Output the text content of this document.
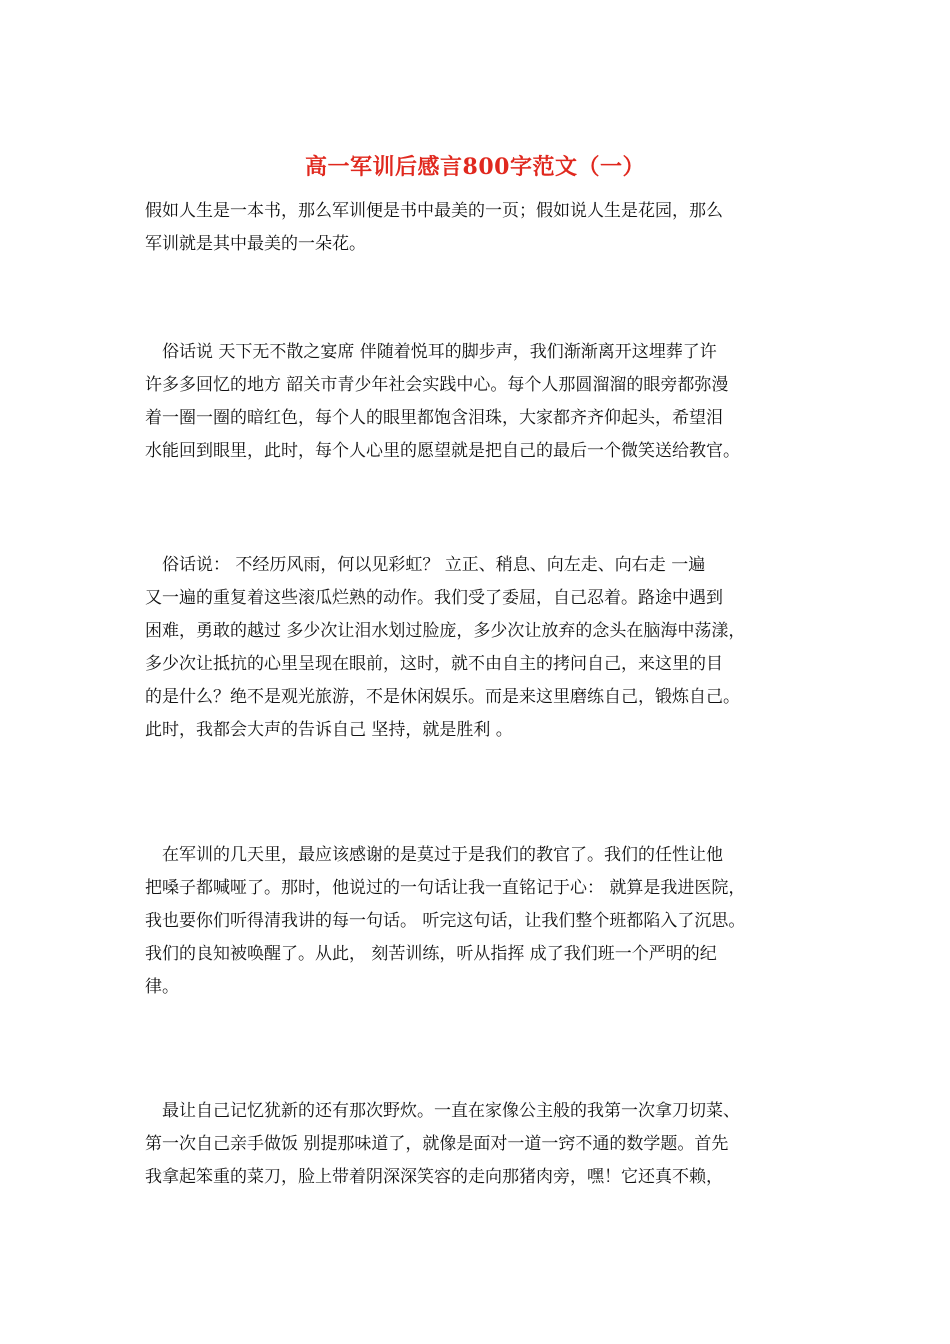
高一军训后感言800字范文（一）
假如人生是一本书，那么军训便是书中最美的一页；假如说人生是花园，那么
军训就是其中最美的一朵花。
　俗话说 天下无不散之宴席 伴随着悦耳的脚步声，我们渐渐离开这埋葬了许
许多多回忆的地方 韶关市青少年社会实践中心。每个人那圆溜溜的眼旁都弥漫
着一圈一圈的暗红色，每个人的眼里都饱含泪珠，大家都齐齐仰起头，希望泪
水能回到眼里，此时，每个人心里的愿望就是把自己的最后一个微笑送给教官。
　俗话说： 不经历风雨，何以见彩虹？ 立正、稍息、向左走、向右走 一遍
又一遍的重复着这些滚瓜烂熟的动作。我们受了委屈，自己忍着。路途中遇到
困难，勇敢的越过 多少次让泪水划过脸庞，多少次让放弃的念头在脑海中荡漾，
多少次让抵抗的心里呈现在眼前，这时，就不由自主的拷问自己，来这里的目
的是什么？绝不是观光旅游，不是休闲娱乐。而是来这里磨练自己，锻炼自己。
此时，我都会大声的告诉自己 坚持，就是胜利 。
　在军训的几天里，最应该感谢的是莫过于是我们的教官了。我们的任性让他
把嗓子都喊哑了。那时，他说过的一句话让我一直铭记于心： 就算是我进医院，
我也要你们听得清我讲的每一句话。 听完这句话，让我们整个班都陷入了沉思。
我们的良知被唤醒了。从此， 刻苦训练，听从指挥 成了我们班一个严明的纪
律。
　最让自己记忆犹新的还有那次野炊。一直在家像公主般的我第一次拿刀切菜、
第一次自己亲手做饭 别提那味道了，就像是面对一道一窍不通的数学题。首先
我拿起笨重的菜刀，脸上带着阴深深笑容的走向那猪肉旁，嘿！它还真不赖，
